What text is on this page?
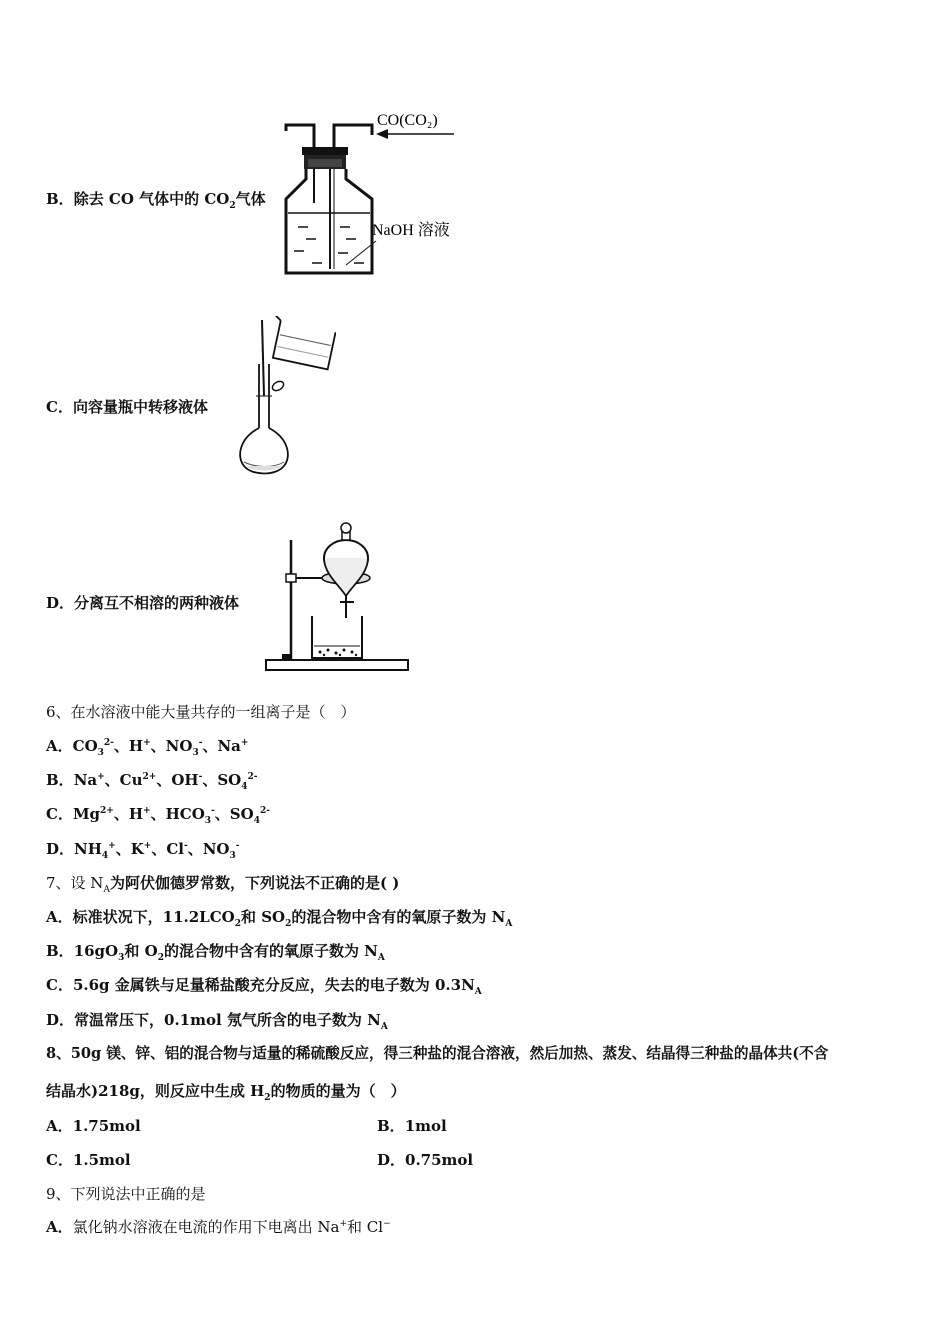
B．除去 CO 气体中的 $CO_2$气体
CO(CO₂)
NaOH 溶液
C．向容量瓶中转移液体
D．分离互不相溶的两种液体
6、在水溶液中能大量共存的一组离子是（　）
A．$CO_3^{2-}$、H+、$NO_3^-$、Na+
B．Na+、$Cu^{2+}$、OH-、$SO_4^{2-}$
C．$Mg^{2+}$、H+、$HCO_3^-$、$SO_4^{2-}$
D．$NH_4^+$、K+、Cl-、$NO_3^-$
7、设 $N_A$为阿伏伽德罗常数，下列说法不正确的是( )
A．标准状况下，$11.2LCO_2$和 $SO_2$的混合物中含有的氧原子数为 $N_A$
B．$16gO_3$和 $O_2$的混合物中含有的氧原子数为 $N_A$
C．5.6g 金属铁与足量稀盐酸充分反应，失去的电子数为 $0.3N_A$
D．常温常压下，0.1mol 氖气所含的电子数为 $N_A$
8、50g 镁、锌、铝的混合物与适量的稀硫酸反应，得三种盐的混合溶液，然后加热、蒸发、结晶得三种盐的晶体共(不含
结晶水)218g，则反应中生成 $H_2$的物质的量为（　）
A．1.75mol	B．1mol
C．1.5mol	D．0.75mol
9、下列说法中正确的是
A．氯化钠水溶液在电流的作用下电离出 Na+和 Cl−
